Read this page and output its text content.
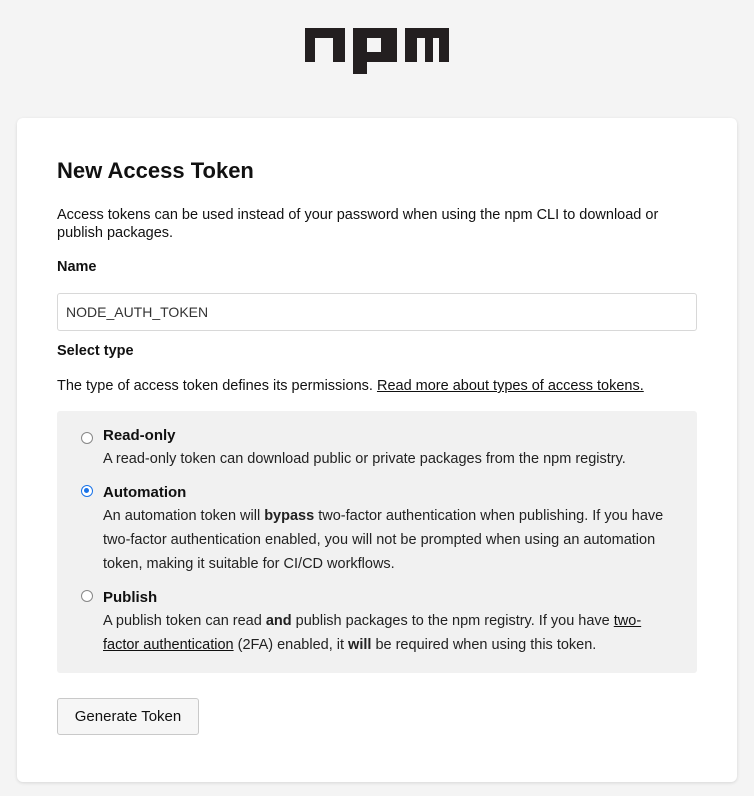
New Access Token
Access tokens can be used instead of your password when using the npm CLI to download or publish packages.
Name
NODE_AUTH_TOKEN
Select type
The type of access token defines its permissions. Read more about types of access tokens.
Read-only
A read-only token can download public or private packages from the npm registry.
Automation
An automation token will bypass two-factor authentication when publishing. If you have two-factor authentication enabled, you will not be prompted when using an automation token, making it suitable for CI/CD workflows.
Publish
A publish token can read and publish packages to the npm registry. If you have two-factor authentication (2FA) enabled, it will be required when using this token.
Generate Token
